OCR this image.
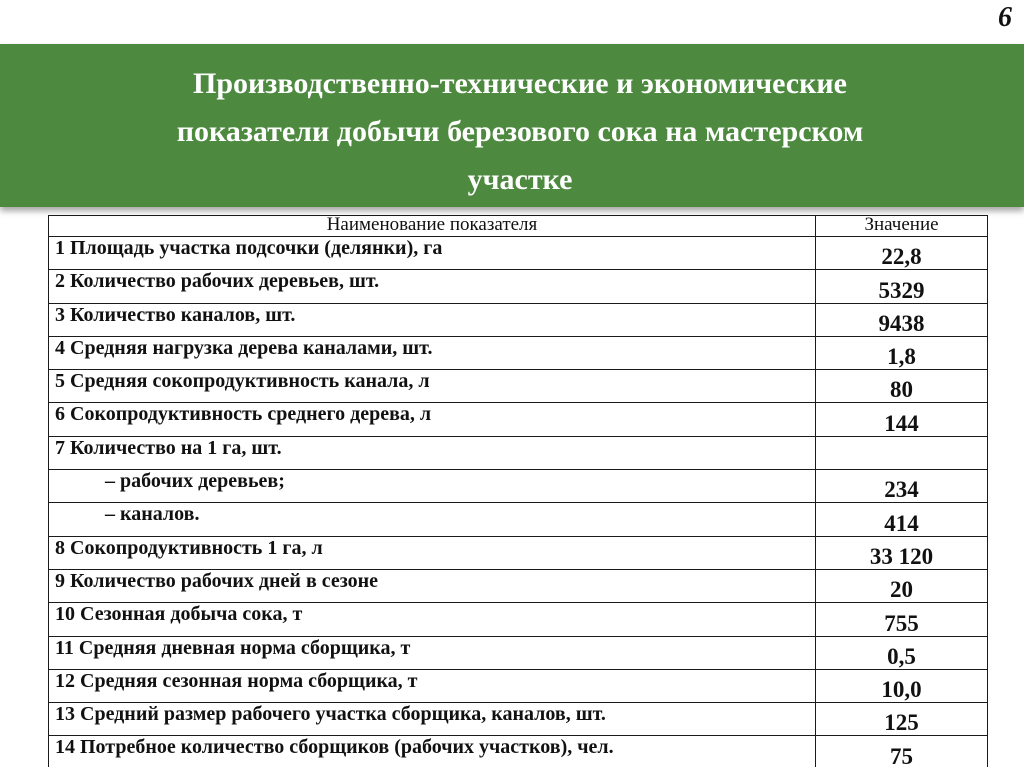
6
Производственно-технические и экономические
показатели добычи березового сока на мастерском
участке
Наименование показателя	Значение
1 Площадь участка подсочки (делянки), га	22,8
2 Количество рабочих деревьев, шт.	5329
3 Количество каналов, шт.	9438
4 Средняя нагрузка дерева каналами, шт.	1,8
5 Средняя сокопродуктивность канала, л	80
6 Сокопродуктивность среднего дерева, л	144
7 Количество на 1 га, шт.	
– рабочих деревьев;	234
– каналов.	414
8 Сокопродуктивность 1 га, л	33 120
9 Количество рабочих дней в сезоне	20
10 Сезонная добыча сока, т	755
11 Средняя дневная норма сборщика, т	0,5
12 Средняя сезонная норма сборщика, т	10,0
13 Средний размер рабочего участка сборщика, каналов, шт.	125
14 Потребное количество сборщиков (рабочих участков), чел.	75
